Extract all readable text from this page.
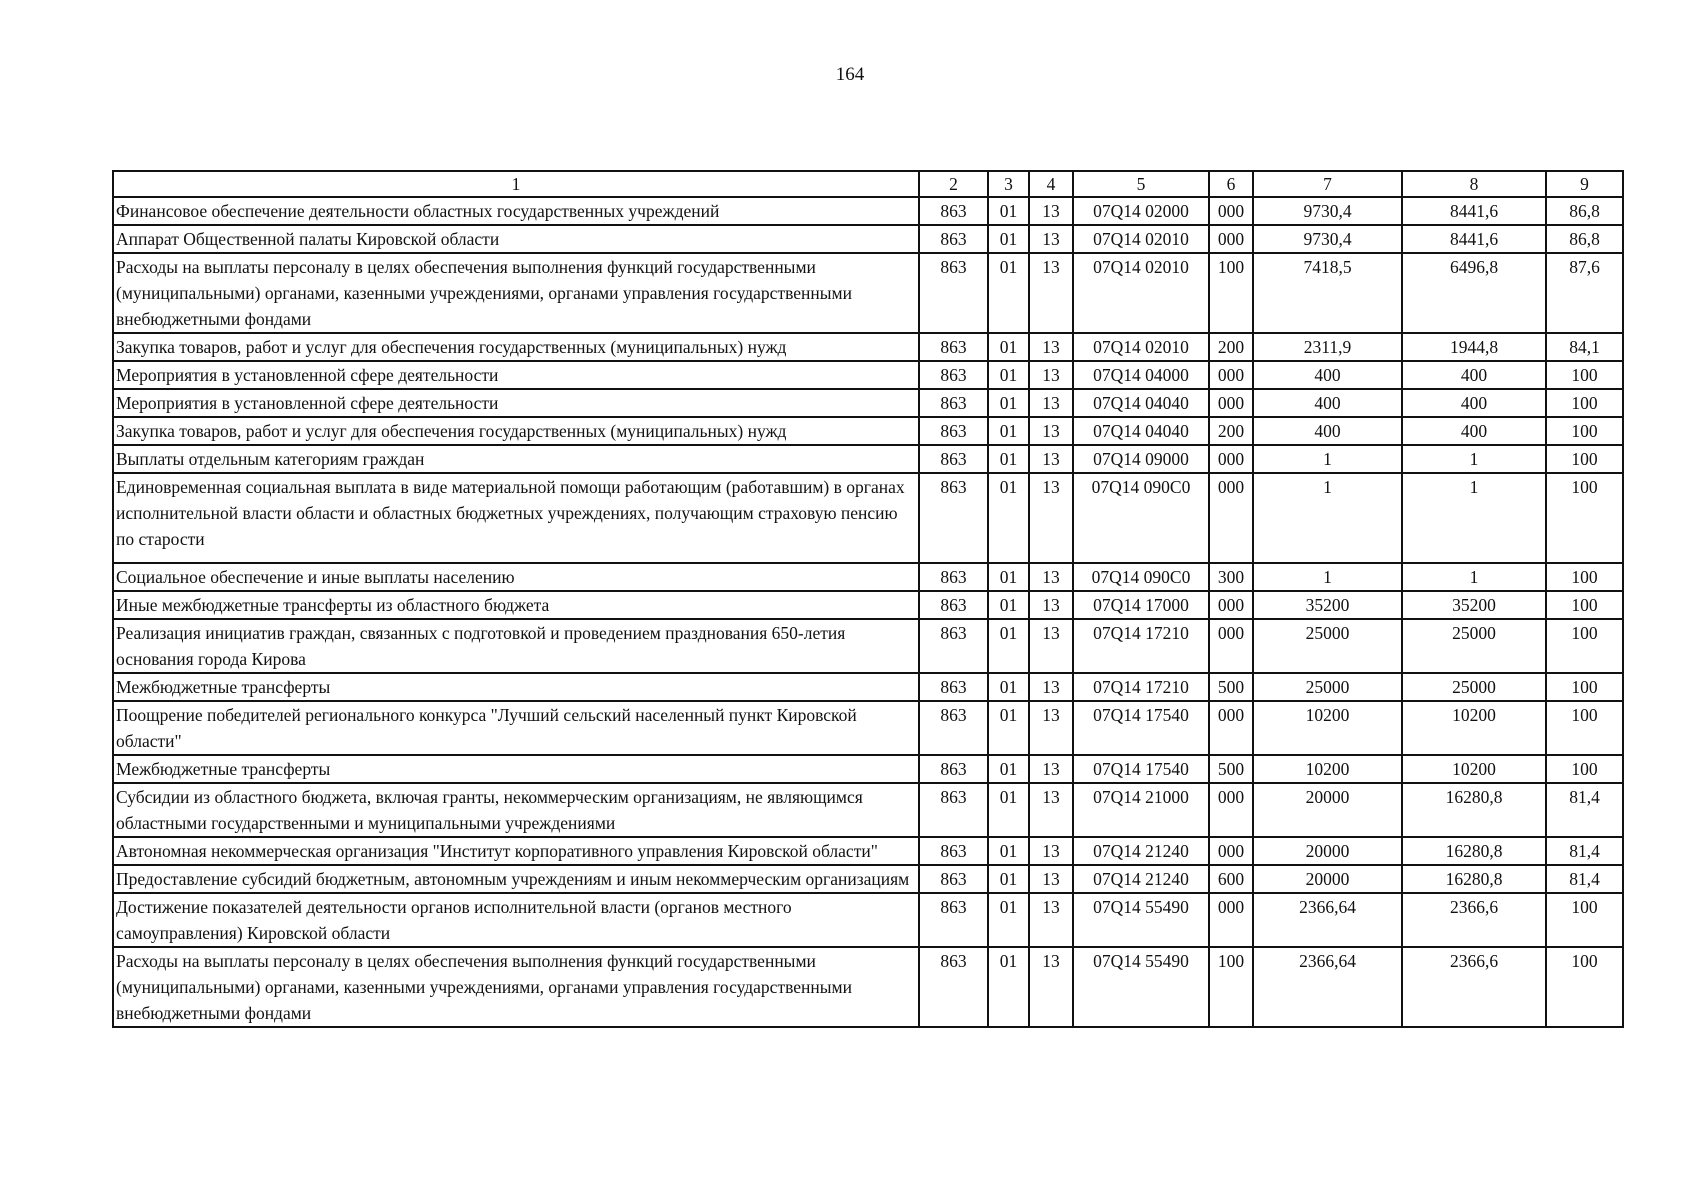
164
1	2	3	4	5	6	7	8	9
Финансовое обеспечение деятельности областных государственных учреждений	863	01	13	07Q14 02000	000	9730,4	8441,6	86,8
Аппарат Общественной палаты Кировской области	863	01	13	07Q14 02010	000	9730,4	8441,6	86,8
Расходы на выплаты персоналу в целях обеспечения выполнения функций государственными (муниципальными) органами, казенными учреждениями, органами управления государственными внебюджетными фондами	863	01	13	07Q14 02010	100	7418,5	6496,8	87,6
Закупка товаров, работ и услуг для обеспечения государственных (муниципальных) нужд	863	01	13	07Q14 02010	200	2311,9	1944,8	84,1
Мероприятия в установленной сфере деятельности	863	01	13	07Q14 04000	000	400	400	100
Мероприятия в установленной сфере деятельности	863	01	13	07Q14 04040	000	400	400	100
Закупка товаров, работ и услуг для обеспечения государственных (муниципальных) нужд	863	01	13	07Q14 04040	200	400	400	100
Выплаты отдельным категориям граждан	863	01	13	07Q14 09000	000	1	1	100
Единовременная социальная выплата в виде материальной помощи работающим (работавшим) в органах исполнительной власти области и областных бюджетных учреждениях, получающим страховую пенсию по старости	863	01	13	07Q14 090C0	000	1	1	100
Социальное обеспечение и иные выплаты населению	863	01	13	07Q14 090C0	300	1	1	100
Иные межбюджетные трансферты из областного бюджета	863	01	13	07Q14 17000	000	35200	35200	100
Реализация инициатив граждан, связанных с подготовкой и проведением празднования 650-летия основания города Кирова	863	01	13	07Q14 17210	000	25000	25000	100
Межбюджетные трансферты	863	01	13	07Q14 17210	500	25000	25000	100
Поощрение победителей регионального конкурса "Лучший сельский населенный пункт Кировской области"	863	01	13	07Q14 17540	000	10200	10200	100
Межбюджетные трансферты	863	01	13	07Q14 17540	500	10200	10200	100
Субсидии из областного бюджета, включая гранты, некоммерческим организациям, не являющимся областными государственными и муниципальными учреждениями	863	01	13	07Q14 21000	000	20000	16280,8	81,4
Автономная некоммерческая организация "Институт корпоративного управления Кировской области"	863	01	13	07Q14 21240	000	20000	16280,8	81,4
Предоставление субсидий бюджетным, автономным учреждениям и иным некоммерческим организациям	863	01	13	07Q14 21240	600	20000	16280,8	81,4
Достижение показателей деятельности органов исполнительной власти (органов местного самоуправления) Кировской области	863	01	13	07Q14 55490	000	2366,64	2366,6	100
Расходы на выплаты персоналу в целях обеспечения выполнения функций государственными (муниципальными) органами, казенными учреждениями, органами управления государственными внебюджетными фондами	863	01	13	07Q14 55490	100	2366,64	2366,6	100
